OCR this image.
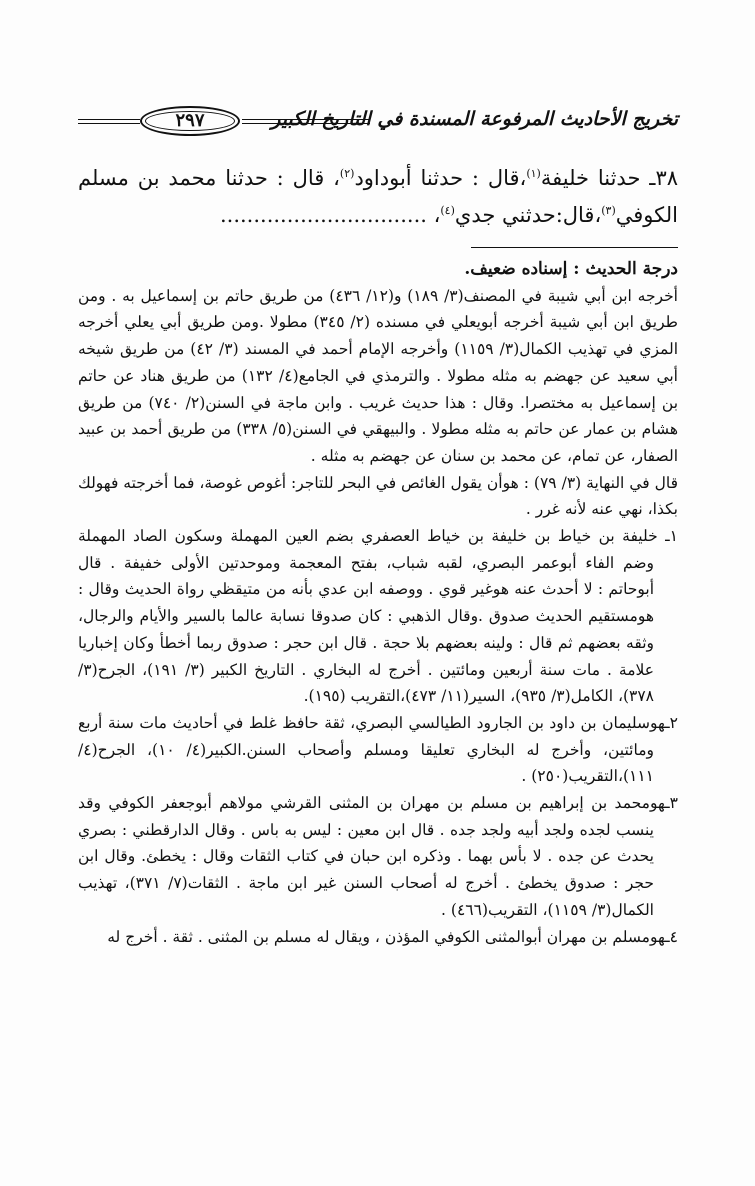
تخريج الأحاديث المرفوعة المسندة في التاريخ الكبير
٢٩٧

٣٨ـ حدثنا خليفة$^{(١)}$،قال : حدثنا أبوداود$^{(٢)}$، قال : حدثنا محمد بن مسلم الكوفي$^{(٣)}$،قال:حدثني جدي$^{(٤)}$، ...............................

درجة الحديث : إسناده ضعيف.

أخرجه ابن أبي شيبة في المصنف(٣/ ١٨٩) و(١٢/ ٤٣٦) من طريق حاتم بن إسماعيل به . ومن طريق ابن أبي شيبة أخرجه أبويعلي في مسنده (٢/ ٣٤٥) مطولا .ومن طريق أبي يعلي أخرجه المزي في تهذيب الكمال(٣/ ١١٥٩) وأخرجه الإمام أحمد في المسند (٣/ ٤٢) من طريق شيخه أبي سعيد عن جهضم به مثله مطولا . والترمذي في الجامع(٤/ ١٣٢) من طريق هناد عن حاتم بن إسماعيل به مختصرا. وقال : هذا حديث غريب . وابن ماجة في السنن(٢/ ٧٤٠) من طريق هشام بن عمار عن حاتم به مثله مطولا . والبيهقي في السنن(٥/ ٣٣٨) من طريق أحمد بن عبيد الصفار، عن تمام، عن محمد بن سنان عن جهضم به مثله .

قال في النهاية (٣/ ٧٩) : هوأن يقول الغائص في البحر للتاجر: أغوص غوصة، فما أخرجته فهولك بكذا، نهي عنه لأنه غرر .

١ـ خليفة بن خياط بن خليفة بن خياط العصفري بضم العين المهملة وسكون الصاد المهملة وضم الفاء أبوعمر البصري، لقبه شباب، بفتح المعجمة وموحدتين الأولى خفيفة . قال أبوحاتم : لا أحدث عنه هوغير قوي . ووصفه ابن عدي بأنه من متيقظي رواة الحديث وقال : هومستقيم الحديث صدوق .وقال الذهبي : كان صدوقا نسابة عالما بالسير والأيام والرجال، وثقه بعضهم ثم قال : ولينه بعضهم بلا حجة . قال ابن حجر : صدوق ربما أخطأ وكان إخباريا علامة . مات سنة أربعين ومائتين . أخرج له البخاري . التاريخ الكبير (٣/ ١٩١)، الجرح(٣/ ٣٧٨)، الكامل(٣/ ٩٣٥)، السير(١١/ ٤٧٣)،التقريب (١٩٥).

٢ـهوسليمان بن داود بن الجارود الطيالسي البصري، ثقة حافظ غلط في أحاديث مات سنة أربع ومائتين، وأخرج له البخاري تعليقا ومسلم وأصحاب السنن.الكبير(٤/ ١٠)، الجرح(٤/ ١١١)،التقريب(٢٥٠) .

٣ـهومحمد بن إبراهيم بن مسلم بن مهران بن المثنى القرشي مولاهم أبوجعفر الكوفي وقد ينسب لجده ولجد أبيه ولجد جده . قال ابن معين : ليس به باس . وقال الدارقطني : بصري يحدث عن جده . لا بأس بهما . وذكره ابن حبان في كتاب الثقات وقال : يخطئ. وقال ابن حجر : صدوق يخطئ . أخرج له أصحاب السنن غير ابن ماجة . الثقات(٧/ ٣٧١)، تهذيب الكمال(٣/ ١١٥٩)، التقريب(٤٦٦) .

٤ـهومسلم بن مهران أبوالمثنى الكوفي المؤذن ، ويقال له مسلم بن المثنى . ثقة . أخرج له
